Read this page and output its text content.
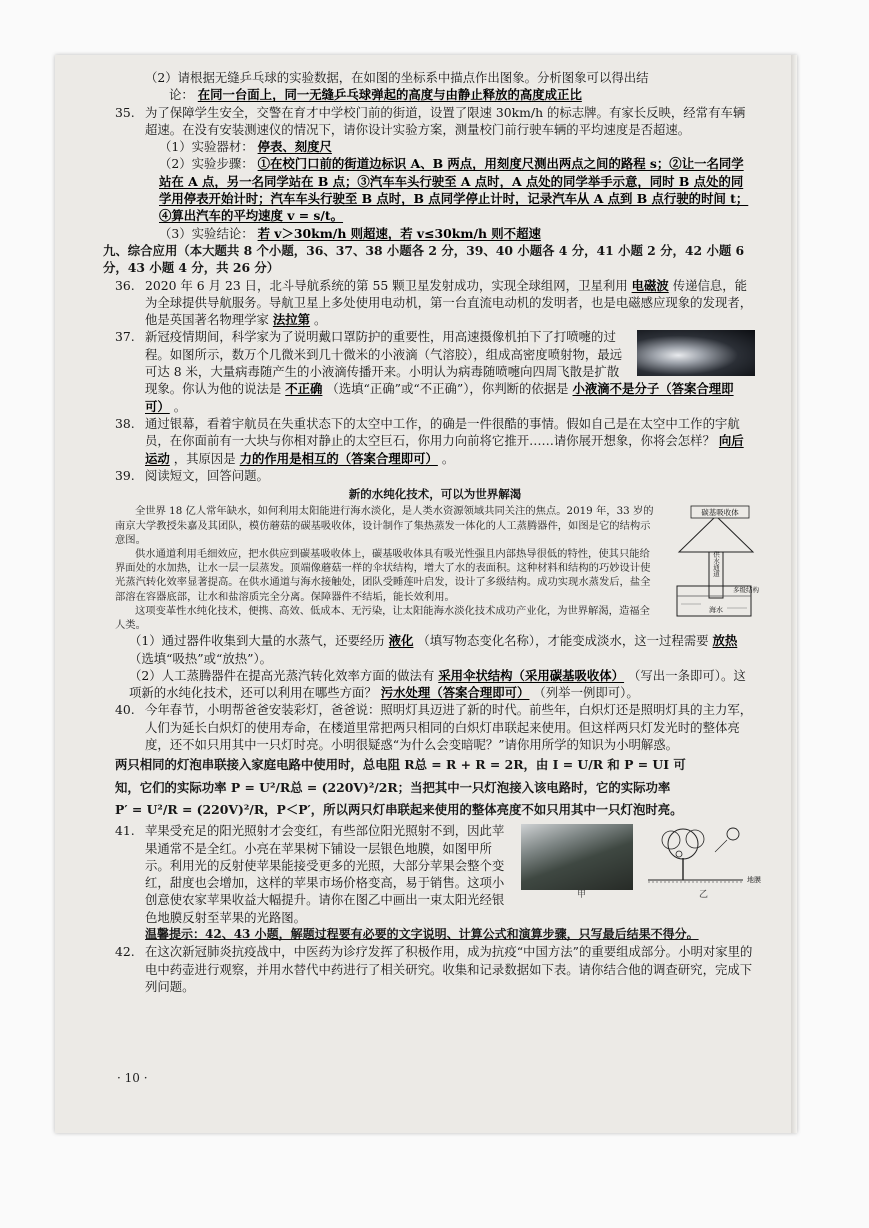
（2）请根据无缝乒乓球的实验数据，在如图的坐标系中描点作出图象。分析图象可以得出结
论： 在同一台面上，同一无缝乒乓球弹起的高度与由静止释放的高度成正比
35. 为了保障学生安全，交警在育才中学校门前的街道，设置了限速 30km/h 的标志牌。有家长反映，经常有车辆超速。在没有安装测速仪的情况下，请你设计实验方案，测量校门前行驶车辆的平均速度是否超速。
（1）实验器材： 停表、刻度尺
（2）实验步骤： ①在校门口前的街道边标识 A、B 两点，用刻度尺测出两点之间的路程 s；②让一名同学站在 A 点，另一名同学站在 B 点；③汽车车头行驶至 A 点时，A 点处的同学举手示意，同时 B 点处的同学用停表开始计时；汽车车头行驶至 B 点时，B 点同学停止计时，记录汽车从 A 点到 B 点行驶的时间 t；④算出汽车的平均速度 v = s/t。
（3）实验结论： 若 v＞30km/h 则超速，若 v≤30km/h 则不超速
九、综合应用（本大题共 8 个小题，36、37、38 小题各 2 分，39、40 小题各 4 分，41 小题 2 分，42 小题 6 分，43 小题 4 分，共 26 分）
36. 2020 年 6 月 23 日，北斗导航系统的第 55 颗卫星发射成功，实现全球组网，卫星利用 电磁波 传递信息，能为全球提供导航服务。导航卫星上多处使用电动机，第一台直流电动机的发明者，也是电磁感应现象的发现者，他是英国著名物理学家 法拉第 。
37. 新冠疫情期间，科学家为了说明戴口罩防护的重要性，用高速摄像机拍下了打喷嚏的过程。如图所示，数万个几微米到几十微米的小液滴（气溶胶），组成高密度喷射物，最远可达 8 米，大量病毒随产生的小液滴传播开来。小明认为病毒随喷嚏向四周飞散是扩散现象。你认为他的说法是 不正确 （选填“正确”或“不正确”），你判断的依据是 小液滴不是分子（答案合理即可） 。
38. 通过银幕，看着宇航员在失重状态下的太空中工作，的确是一件很酷的事情。假如自己是在太空中工作的宇航员，在你面前有一大块与你相对静止的太空巨石，你用力向前将它推开……请你展开想象，你将会怎样？ 向后运动 ，其原因是 力的作用是相互的（答案合理即可） 。
39. 阅读短文，回答问题。
新的水纯化技术，可以为世界解渴

全世界 18 亿人常年缺水，如何利用太阳能进行海水淡化，是人类水资源领域共同关注的焦点。2019 年，33 岁的南京大学教授朱嘉及其团队，模仿蘑菇的碳基吸收体，设计制作了集热蒸发一体化的人工蒸腾器件，如图是它的结构示意图。

供水通道利用毛细效应，把水供应到碳基吸收体上，碳基吸收体具有吸光性强且内部热导很低的特性，使其只能给界面处的水加热，让水一层一层蒸发。顶端像蘑菇一样的伞状结构，增大了水的表面积。这种材料和结构的巧妙设计使光蒸汽转化效率显著提高。在供水通道与海水接触处，团队受睡莲叶启发，设计了多级结构。成功实现水蒸发后，盐全部溶在容器底部，让水和盐溶质完全分离。保障器件不结垢，能长效利用。

这项变革性水纯化技术，便携、高效、低成本、无污染，让太阳能海水淡化技术成功产业化，为世界解渴，造福全人类。

碳基吸收体
供水通道
海水
多级结构
（1）通过器件收集到大量的水蒸气，还要经历 液化 （填写物态变化名称），才能变成淡水，这一过程需要 放热 （选填“吸热”或“放热”）。
（2）人工蒸腾器件在提高光蒸汽转化效率方面的做法有 采用伞状结构（采用碳基吸收体） （写出一条即可）。这项新的水纯化技术，还可以利用在哪些方面？ 污水处理（答案合理即可） （列举一例即可）。
40. 今年春节，小明帮爸爸安装彩灯，爸爸说：照明灯具迈进了新的时代。前些年，白炽灯还是照明灯具的主力军，人们为延长白炽灯的使用寿命，在楼道里常把两只相同的白炽灯串联起来使用。但这样两只灯发光时的整体亮度，还不如只用其中一只灯时亮。小明很疑惑“为什么会变暗呢？”请你用所学的知识为小明解惑。
两只相同的灯泡串联接入家庭电路中使用时，总电阻 R总 = R + R = 2R，由 I = U/R 和 P = UI 可
知，它们的实际功率 P = U²/R总 = (220V)²/2R；当把其中一只灯泡接入该电路时，它的实际功率
P′ = U²/R = (220V)²/R，P＜P′，所以两只灯串联起来使用的整体亮度不如只用其中一只灯泡时亮。
41.
甲
地膜
乙
苹果受充足的阳光照射才会变红，有些部位阳光照射不到，因此苹果通常不是全红。小亮在苹果树下铺设一层银色地膜，如图甲所示。利用光的反射使苹果能接受更多的光照，大部分苹果会整个变红，甜度也会增加，这样的苹果市场价格变高，易于销售。这项小创意使农家苹果收益大幅提升。请你在图乙中画出一束太阳光经银色地膜反射至苹果的光路图。
温馨提示：42、43 小题，解题过程要有必要的文字说明、计算公式和演算步骤，只写最后结果不得分。
42. 在这次新冠肺炎抗疫战中，中医药为诊疗发挥了积极作用，成为抗疫“中国方法”的重要组成部分。小明对家里的电中药壶进行观察，并用水替代中药进行了相关研究。收集和记录数据如下表。请你结合他的调查研究，完成下列问题。
· 10 ·
